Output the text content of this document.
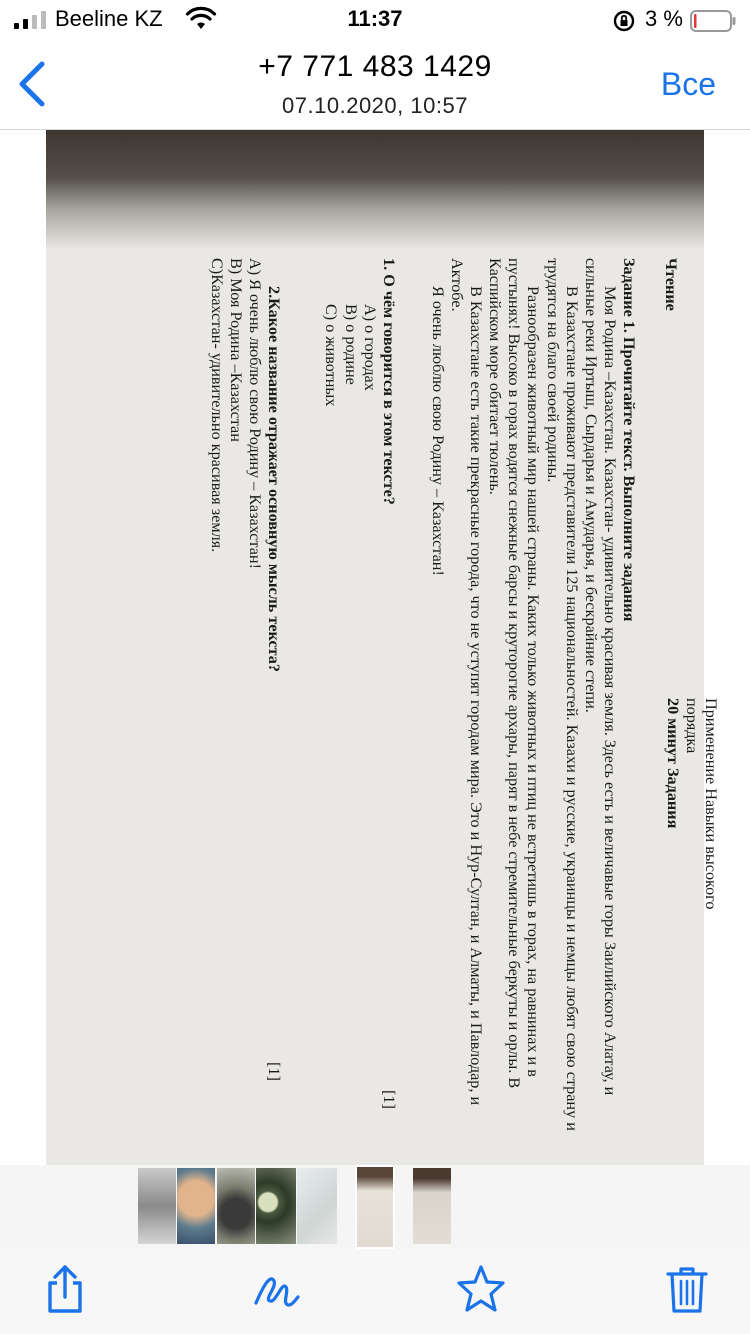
Beeline KZ	11:37	3 %
+7 771 483 1429
07.10.2020, 10:57
Все

Применение Навыки высокого порядка

20 минут Задания

Чтение

Задание 1. Прочитайте текст. Выполните задания

Моя Родина –Казахстан. Казахстан- удивительно красивая земля. Здесь есть и величавые горы Заилийского Алатау, и сильные реки Иртыш, Сырдарья и Амударья, и бескрайние степи.

В Казахстане проживают представители 125 национальностей. Казахи и русские, украинцы и немцы любят свою страну и трудятся на благо своей родины.

Разнообразен животный мир нашей страны. Каких только животных и птиц не встретишь в горах, на равнинах и в пустынях! Высоко в горах водятся снежные барсы и круторогие архары, парят в небе стремительные беркуты и орлы. В Каспийском море обитает тюлень.

В Казахстане есть такие прекрасные города, что не уступят городам мира. Это и Нур-Султан, и Алматы, и Павлодар, и Актобе.

Я очень люблю свою Родину – Казахстан!

1. О чём говорится в этом тексте?

[1]

A) о городах

B) о родине

C) о животных

2.Какое название отражает основную мысль текста?

[1]

A) Я очень люблю свою Родину – Казахстан!

B) Моя Родина –Казахстан

C)Казахстан- удивительно красивая земля.
